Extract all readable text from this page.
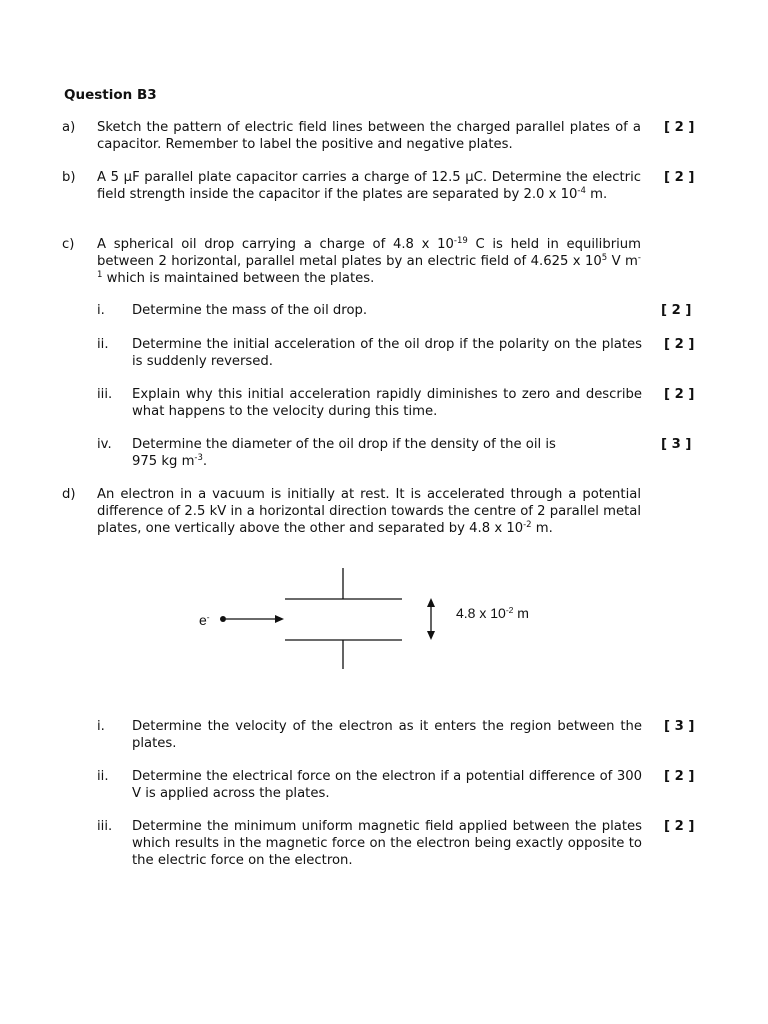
Question B3
a)	Sketch the pattern of electric field lines between the charged parallel plates of a capacitor. Remember to label the positive and negative plates.
[ 2 ]
b)	A 5 µF parallel plate capacitor carries a charge of 12.5 µC. Determine the electric field strength inside the capacitor if the plates are separated by 2.0 x $10^{-4}$ m.
[ 2 ]
c)	A spherical oil drop carrying a charge of 4.8 x $10^{-19}$ C is held in equilibrium between 2 horizontal, parallel metal plates by an electric field of 4.625 x $10^5$ V $m^{-1}$ which is maintained between the plates.
i. Determine the mass of the oil drop.	[ 2 ]
ii. Determine the initial acceleration of the oil drop if the polarity on the plates is suddenly reversed.
[ 2 ]
iii. Explain why this initial acceleration rapidly diminishes to zero and describe what happens to the velocity during this time.
[ 2 ]
iv. Determine the diameter of the oil drop if the density of the oil is
975 kg $m^{-3}$.
[ 3 ]
d)	An electron in a vacuum is initially at rest. It is accelerated through a potential difference of 2.5 kV in a horizontal direction towards the centre of 2 parallel metal plates, one vertically above the other and separated by 4.8 x $10^{-2}$ m.
e-	4.8 x $10^{-2}$ m
i. Determine the velocity of the electron as it enters the region between the plates.
[ 3 ]
ii. Determine the electrical force on the electron if a potential difference of 300 V is applied across the plates.
[ 2 ]
iii. Determine the minimum uniform magnetic field applied between the plates which results in the magnetic force on the electron being exactly opposite to the electric force on the electron.
[ 2 ]
